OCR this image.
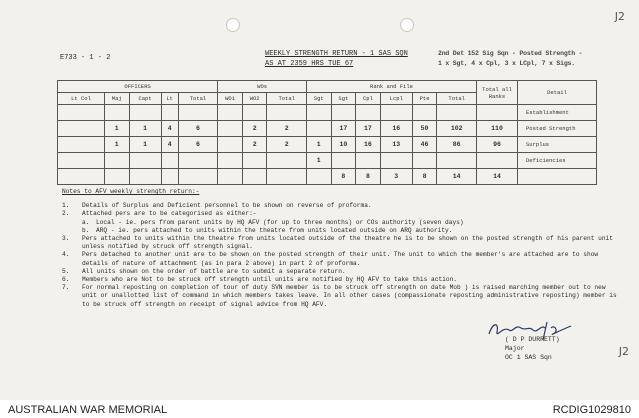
J2
E733 - 1 - 2	WEEKLY STRENGTH RETURN - 1 SAS SQN
AS AT 2359 HRS TUE 67
2nd Det 152 Sig Sqn - Posted Strength -
1 x Sgt, 4 x Cpl, 3 x LCpl, 7 x Sigs.
OFFICERS					WOs			Rank and File						Total all Ranks	Detail
Lt Col	Maj	Capt	Lt	Total	WO1	WO2	Total	Sgt	Sgt	Cpl	Lcpl	Pte	Total		
															Establishment
	1	1	4	6		2	2		17	17	16	50	102	110	Posted Strength
	1	1	4	6		2	2	1	10	16	13	46	86	96	Surplus
								1							Deficiencies
									8	8	3	8	14	14	
Notes to AFV weekly strength return:-
1. Details of Surplus and Deficient personnel to be shown on reverse of proforma.
2. Attached pers are to be categorised as either:-
a. Local - ie. pers from parent units by HQ AFV (for up to three months) or COs authority (seven days)
b. ARQ - ie. pers attached to units within the theatre from units located outside on ARQ authority.
3. Pers attached to units within the theatre from units located outside of the theatre he is to be shown on the posted strength of his parent unit unless notified by struck off strength signal.
4. Pers detached to another unit are to be shown on the posted strength of their unit. The unit to which the member's are attached are to show details of nature of attachment (as in para 2 above) in part 2 of proforma.
5. All units shown on the order of battle are to submit a separate return.
6. Members who are Not to be struck off strength until units are notified by HQ AFV to take this action.
7. For normal reposting on completion of tour of duty SVN member is to be struck off strength on date Mob ) is raised marching member out to new unit or unallotted list of command in which members takes leave. In all other cases (compassionate reposting administrative reposting) member is to be struck off strength on receipt of signal advice from HQ AFV.
( D P DURRETT)
Major
OC 1 SAS Sqn	J2
AUSTRALIAN WAR MEMORIAL	RCDIG1029810
